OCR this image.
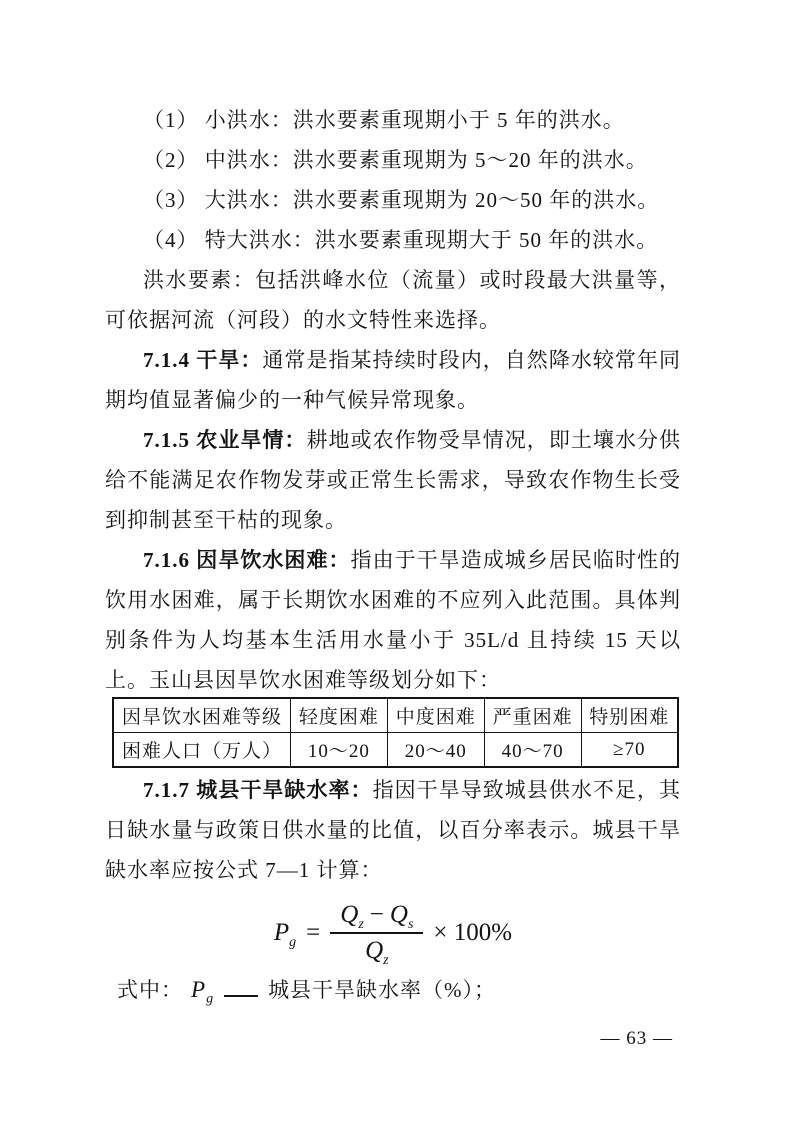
（1） 小洪水：洪水要素重现期小于 5 年的洪水。

（2） 中洪水：洪水要素重现期为 5～20 年的洪水。

（3） 大洪水：洪水要素重现期为 20～50 年的洪水。

（4） 特大洪水：洪水要素重现期大于 50 年的洪水。

洪水要素：包括洪峰水位（流量）或时段最大洪量等，可依据河流（河段）的水文特性来选择。

7.1.4 干旱：通常是指某持续时段内，自然降水较常年同期均值显著偏少的一种气候异常现象。

7.1.5 农业旱情：耕地或农作物受旱情况，即土壤水分供给不能满足农作物发芽或正常生长需求，导致农作物生长受到抑制甚至干枯的现象。

7.1.6 因旱饮水困难：指由于干旱造成城乡居民临时性的饮用水困难，属于长期饮水困难的不应列入此范围。具体判别条件为人均基本生活用水量小于 35L/d 且持续 15 天以上。玉山县因旱饮水困难等级划分如下：

因旱饮水困难等级	轻度困难	中度困难	严重困难	特别困难
困难人口（万人）	10～20	20～40	40～70	≥70

7.1.7 城县干旱缺水率：指因干旱导致城县供水不足，其日缺水量与政策日供水量的比值，以百分率表示。城县干旱缺水率应按公式 7—1 计算：

$P_g = \frac{Q_z - Q_s}{Q_z} \times 100\%$

式中： $P_g$	城县干旱缺水率（%）；

— 63 —
